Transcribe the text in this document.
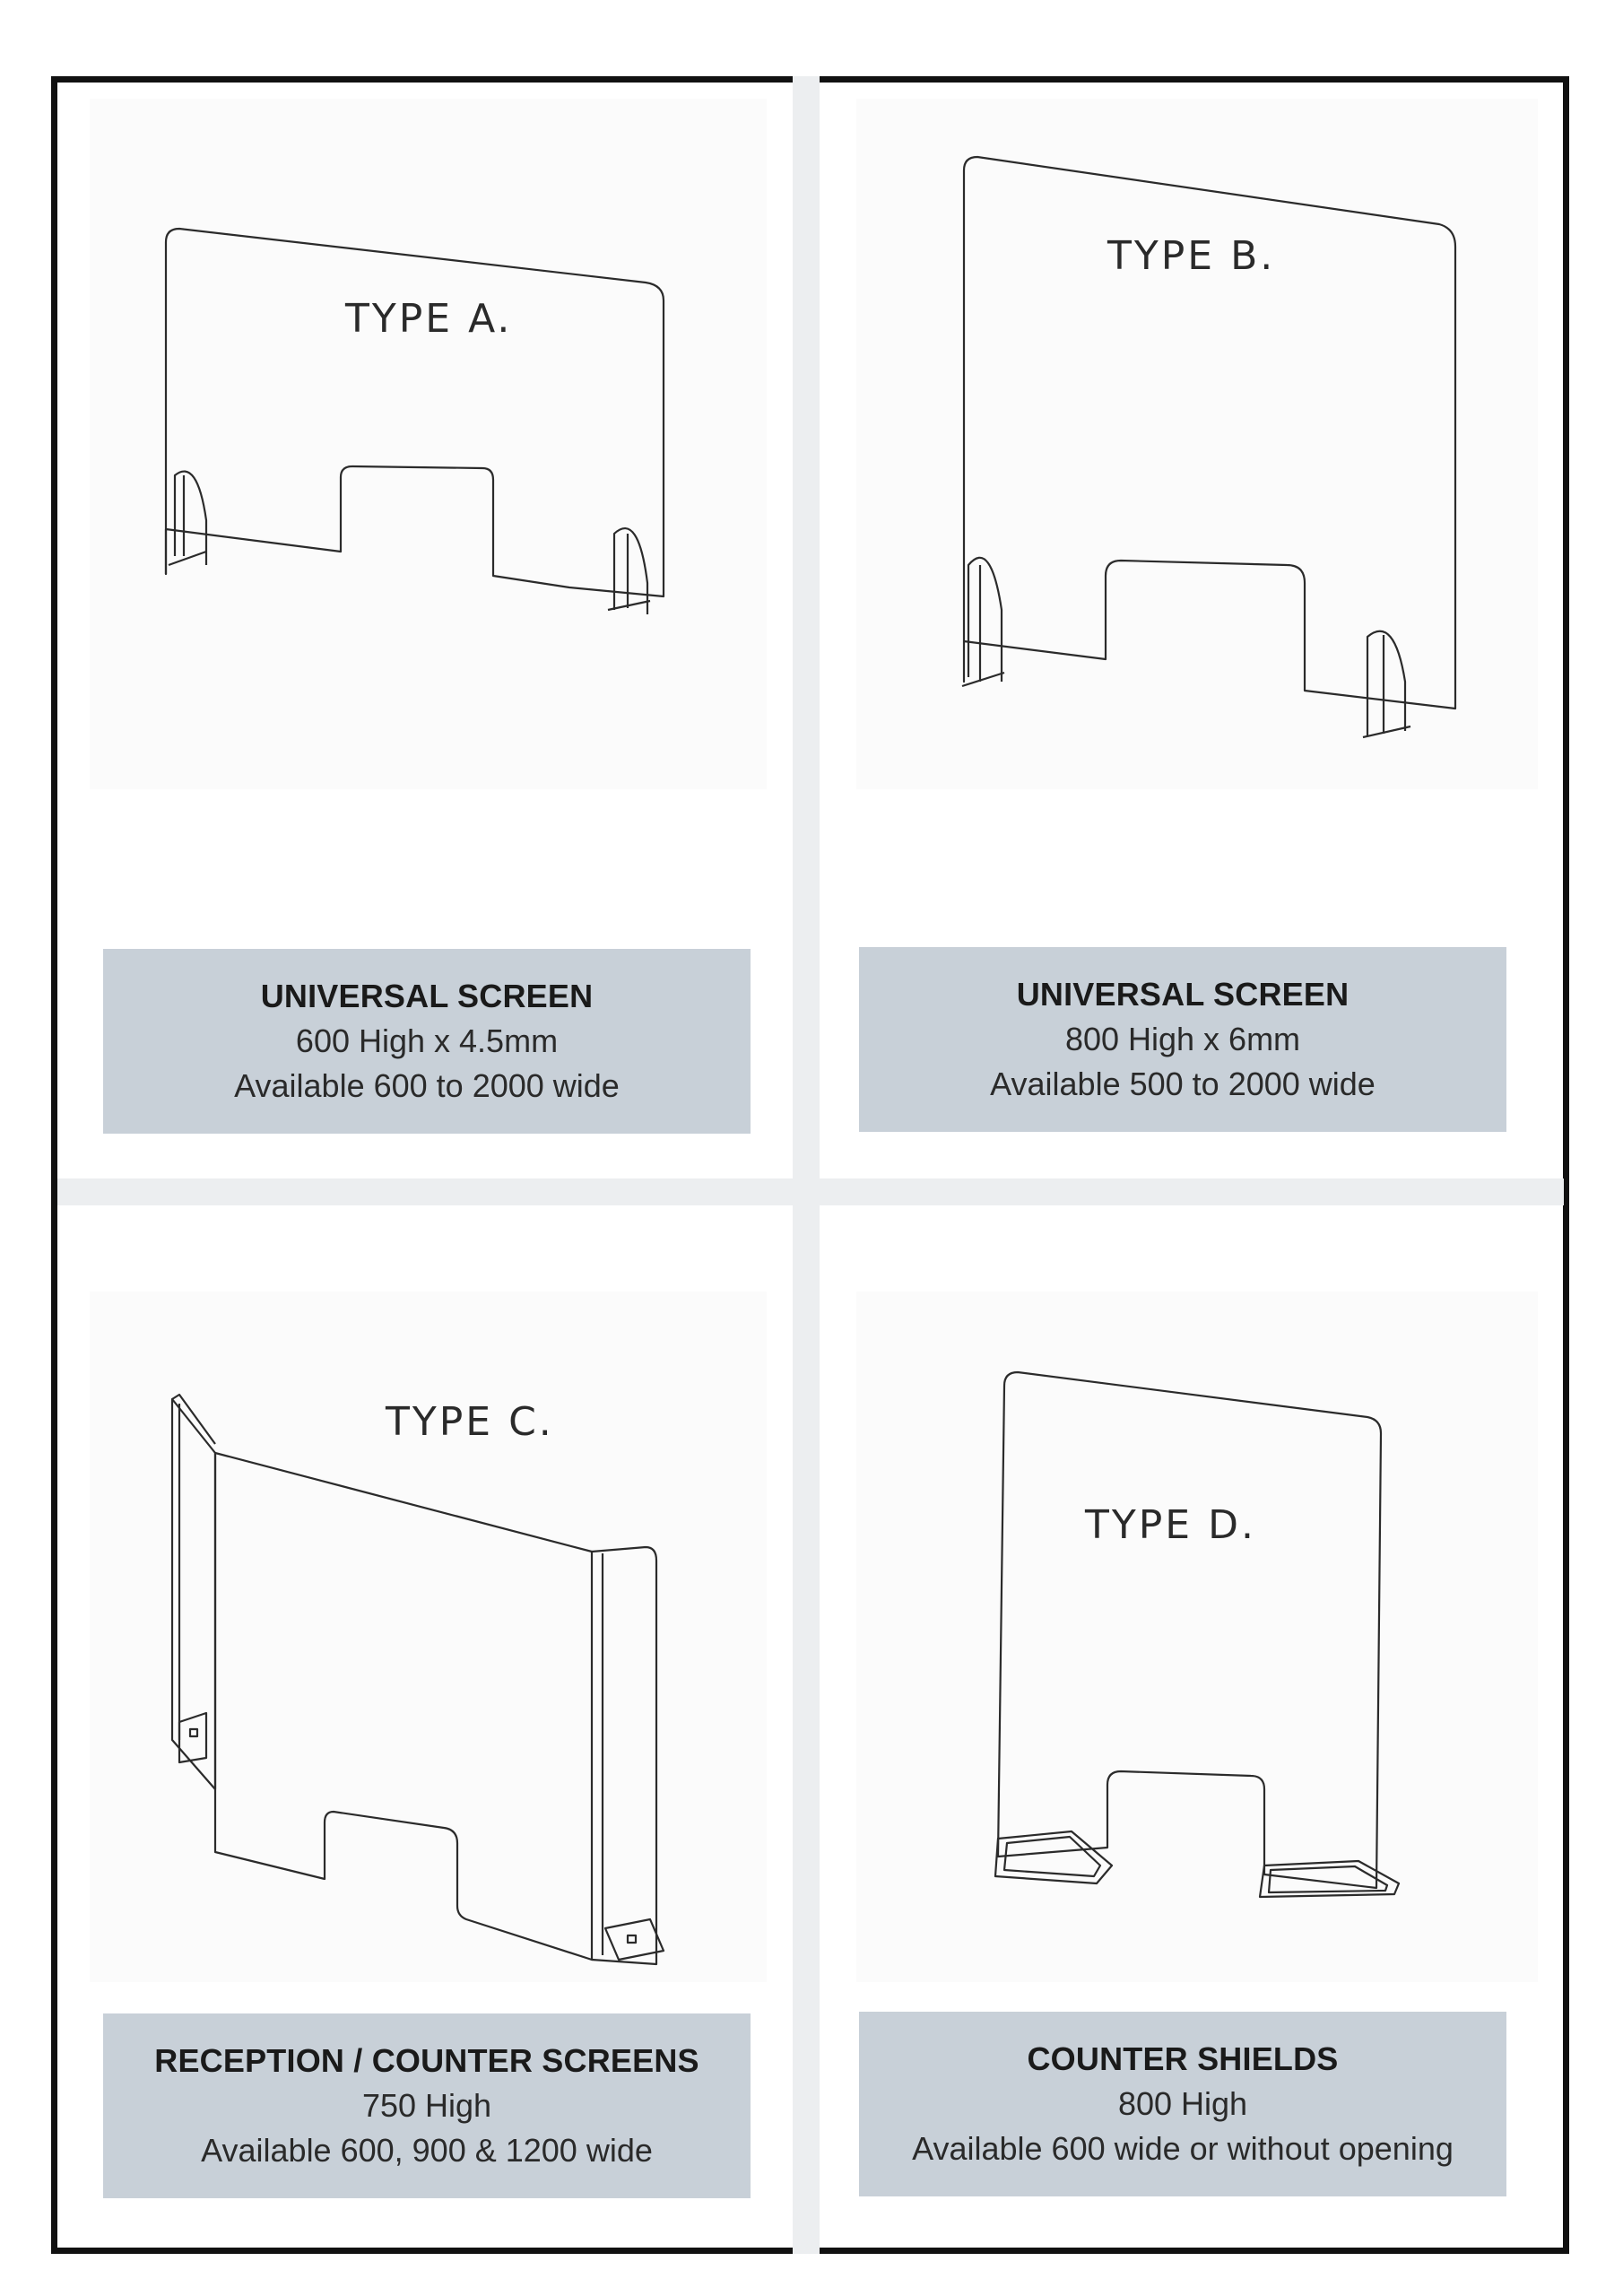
TYPE A.
UNIVERSAL SCREEN
600 High x 4.5mm
Available 600 to 2000 wide
TYPE B.
UNIVERSAL SCREEN
800 High x 6mm
Available 500 to 2000 wide
TYPE C.
RECEPTION / COUNTER SCREENS
750 High
Available 600, 900 & 1200 wide
TYPE D.
COUNTER SHIELDS
800 High
Available 600 wide or without opening
